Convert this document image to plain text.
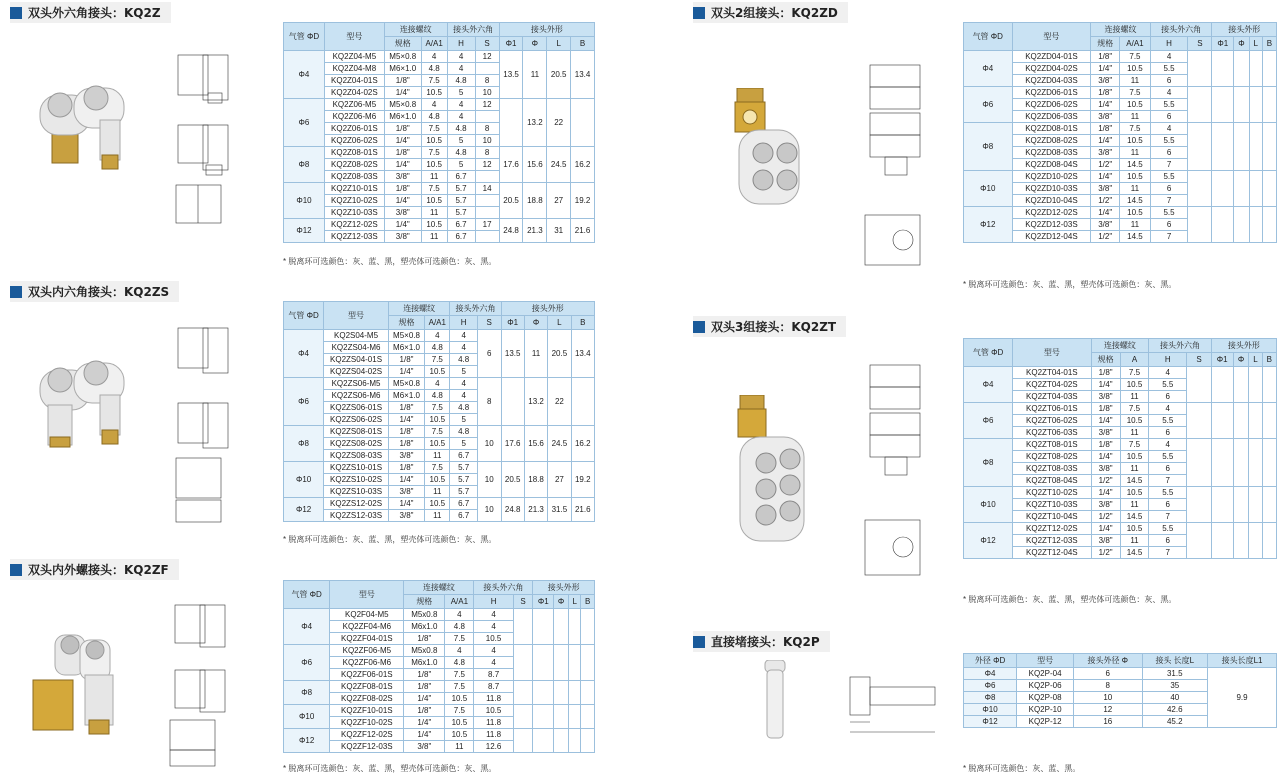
双头外六角接头：KQ2Z
双头内六角接头：KQ2ZS
双头内外螺接头：KQ2ZF
双头2组接头：KQ2ZD
双头3组接头：KQ2ZT
直接堵接头：KQ2P
气管 ΦD	型号	连接螺纹		接头外六角		接头外形			
		规格	A/A1	H	S	Φ1	Φ	L	B
Φ4	KQ2Z04-M5	M5×0.8	4	4	12	13.5	11	20.5	13.4
	KQ2Z04-M8	M6×1.0	4.8	4					
	KQ2Z04-01S	1/8"	7.5	4.8	8				
	KQ2Z04-02S	1/4"	10.5	5	10				
Φ6	KQ2Z06-M5	M5×0.8	4	4	12		13.2	22	
	KQ2Z06-M6	M6×1.0	4.8	4					
	KQ2Z06-01S	1/8"	7.5	4.8	8				
	KQ2Z06-02S	1/4"	10.5	5	10				
Φ8	KQ2Z08-01S	1/8"	7.5	4.8	8	17.6	15.6	24.5	16.2
	KQ2Z08-02S	1/4"	10.5	5	12				
	KQ2Z08-03S	3/8"	11	6.7					
Φ10	KQ2Z10-01S	1/8"	7.5	5.7	14	20.5	18.8	27	19.2
	KQ2Z10-02S	1/4"	10.5	5.7					
	KQ2Z10-03S	3/8"	11	5.7					
Φ12	KQ2Z12-02S	1/4"	10.5	6.7	17	24.8	21.3	31	21.6
	KQ2Z12-03S	3/8"	11	6.7					
* 脱离环可选颜色：灰、蓝、黑，塑壳体可选颜色：灰、黑。
气管 ΦD	型号	连接螺纹		接头外六角		接头外形			
		规格	A/A1	H	S	Φ1	Φ	L	B
Φ4	KQ2S04-M5	M5×0.8	4	4	6	13.5	11	20.5	13.4
	KQ2ZS04-M6	M6×1.0	4.8	4					
	KQ2ZS04-01S	1/8"	7.5	4.8					
	KQ2ZS04-02S	1/4"	10.5	5					
Φ6	KQ2ZS06-M5	M5×0.8	4	4	8		13.2	22	
	KQ2ZS06-M6	M6×1.0	4.8	4					
	KQ2ZS06-01S	1/8"	7.5	4.8					
	KQ2ZS06-02S	1/4"	10.5	5					
Φ8	KQ2ZS08-01S	1/8"	7.5	4.8	10	17.6	15.6	24.5	16.2
	KQ2ZS08-02S	1/8"	10.5	5					
	KQ2ZS08-03S	3/8"	11	6.7					
Φ10	KQ2ZS10-01S	1/8"	7.5	5.7	10	20.5	18.8	27	19.2
	KQ2ZS10-02S	1/4"	10.5	5.7					
	KQ2ZS10-03S	3/8"	11	5.7					
Φ12	KQ2ZS12-02S	1/4"	10.5	6.7	10	24.8	21.3	31.5	21.6
	KQ2ZS12-03S	3/8"	11	6.7					
* 脱离环可选颜色：灰、蓝、黑，塑壳体可选颜色：灰、黑。
气管 ΦD	型号	连接螺纹		接头外六角		接头外形			
		规格	A/A1	H	S	Φ1	Φ	L	B
Φ4	KQ2F04-M5	M5x0.8	4	4					
	KQ2ZF04-M6	M6x1.0	4.8	4					
	KQ2ZF04-01S	1/8"	7.5	10.5					
Φ6	KQ2ZF06-M5	M5x0.8	4	4					
	KQ2ZF06-M6	M6x1.0	4.8	4					
	KQ2ZF06-01S	1/8"	7.5	8.7					
Φ8	KQ2ZF08-01S	1/8"	7.5	8.7					
	KQ2ZF08-02S	1/4"	10.5	11.8					
Φ10	KQ2ZF10-01S	1/8"	7.5	10.5					
	KQ2ZF10-02S	1/4"	10.5	11.8					
Φ12	KQ2ZF12-02S	1/4"	10.5	11.8					
	KQ2ZF12-03S	3/8"	11	12.6					
* 脱离环可选颜色：灰、蓝、黑，塑壳体可选颜色：灰、黑。
气管 ΦD	型号	连接螺纹		接头外六角		接头外形			
		规格	A/A1	H	S	Φ1	Φ	L	B
Φ4	KQ2ZD04-01S	1/8"	7.5	4					
	KQ2ZD04-02S	1/4"	10.5	5.5					
	KQ2ZD04-03S	3/8"	11	6					
Φ6	KQ2ZD06-01S	1/8"	7.5	4					
	KQ2ZD06-02S	1/4"	10.5	5.5					
	KQ2ZD06-03S	3/8"	11	6					
Φ8	KQ2ZD08-01S	1/8"	7.5	4					
	KQ2ZD08-02S	1/4"	10.5	5.5					
	KQ2ZD08-03S	3/8"	11	6					
	KQ2ZD08-04S	1/2"	14.5	7					
Φ10	KQ2ZD10-02S	1/4"	10.5	5.5					
	KQ2ZD10-03S	3/8"	11	6					
	KQ2ZD10-04S	1/2"	14.5	7					
Φ12	KQ2ZD12-02S	1/4"	10.5	5.5					
	KQ2ZD12-03S	3/8"	11	6					
	KQ2ZD12-04S	1/2"	14.5	7					
* 脱离环可选颜色：灰、蓝、黑，塑壳体可选颜色：灰、黑。
气管 ΦD	型号	连接螺纹		接头外六角		接头外形			
		规格	A	H	S	Φ1	Φ	L	B
Φ4	KQ2ZT04-01S	1/8"	7.5	4					
	KQ2ZT04-02S	1/4"	10.5	5.5					
	KQ2ZT04-03S	3/8"	11	6					
Φ6	KQ2ZT06-01S	1/8"	7.5	4					
	KQ2ZT06-02S	1/4"	10.5	5.5					
	KQ2ZT06-03S	3/8"	11	6					
Φ8	KQ2ZT08-01S	1/8"	7.5	4					
	KQ2ZT08-02S	1/4"	10.5	5.5					
	KQ2ZT08-03S	3/8"	11	6					
	KQ2ZT08-04S	1/2"	14.5	7					
Φ10	KQ2ZT10-02S	1/4"	10.5	5.5					
	KQ2ZT10-03S	3/8"	11	6					
	KQ2ZT10-04S	1/2"	14.5	7					
Φ12	KQ2ZT12-02S	1/4"	10.5	5.5					
	KQ2ZT12-03S	3/8"	11	6					
	KQ2ZT12-04S	1/2"	14.5	7					
* 脱离环可选颜色：灰、蓝、黑，塑壳体可选颜色：灰、黑。
外径 ΦD	型号	接头外径 Φ	接头 长度L	接头长度L1
Φ4	KQ2P-04	6	31.5	9.9
Φ6	KQ2P-06	8	35	
Φ8	KQ2P-08	10	40	
Φ10	KQ2P-10	12	42.6	
Φ12	KQ2P-12	16	45.2	
* 脱离环可选颜色：灰、蓝、黑。
